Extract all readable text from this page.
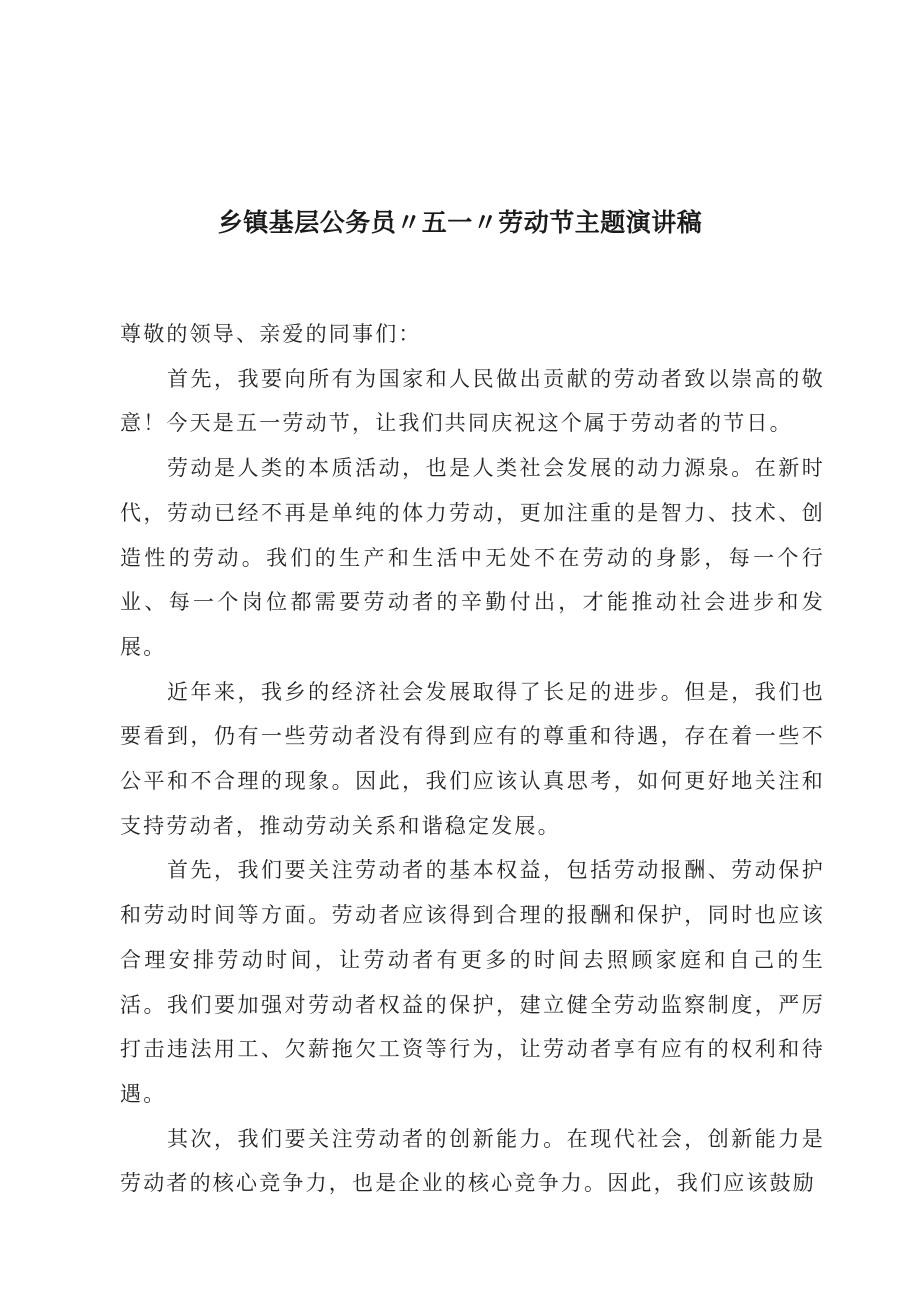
乡镇基层公务员〃五一〃劳动节主题演讲稿

尊敬的领导、亲爱的同事们：

首先，我要向所有为国家和人民做出贡献的劳动者致以崇高的敬意！今天是五一劳动节，让我们共同庆祝这个属于劳动者的节日。

劳动是人类的本质活动，也是人类社会发展的动力源泉。在新时代，劳动已经不再是单纯的体力劳动，更加注重的是智力、技术、创造性的劳动。我们的生产和生活中无处不在劳动的身影，每一个行业、每一个岗位都需要劳动者的辛勤付出，才能推动社会进步和发展。

近年来，我乡的经济社会发展取得了长足的进步。但是，我们也要看到，仍有一些劳动者没有得到应有的尊重和待遇，存在着一些不公平和不合理的现象。因此，我们应该认真思考，如何更好地关注和支持劳动者，推动劳动关系和谐稳定发展。

首先，我们要关注劳动者的基本权益，包括劳动报酬、劳动保护和劳动时间等方面。劳动者应该得到合理的报酬和保护，同时也应该合理安排劳动时间，让劳动者有更多的时间去照顾家庭和自己的生活。我们要加强对劳动者权益的保护，建立健全劳动监察制度，严厉打击违法用工、欠薪拖欠工资等行为，让劳动者享有应有的权利和待遇。

其次，我们要关注劳动者的创新能力。在现代社会，创新能力是劳动者的核心竞争力，也是企业的核心竞争力。因此，我们应该鼓励
